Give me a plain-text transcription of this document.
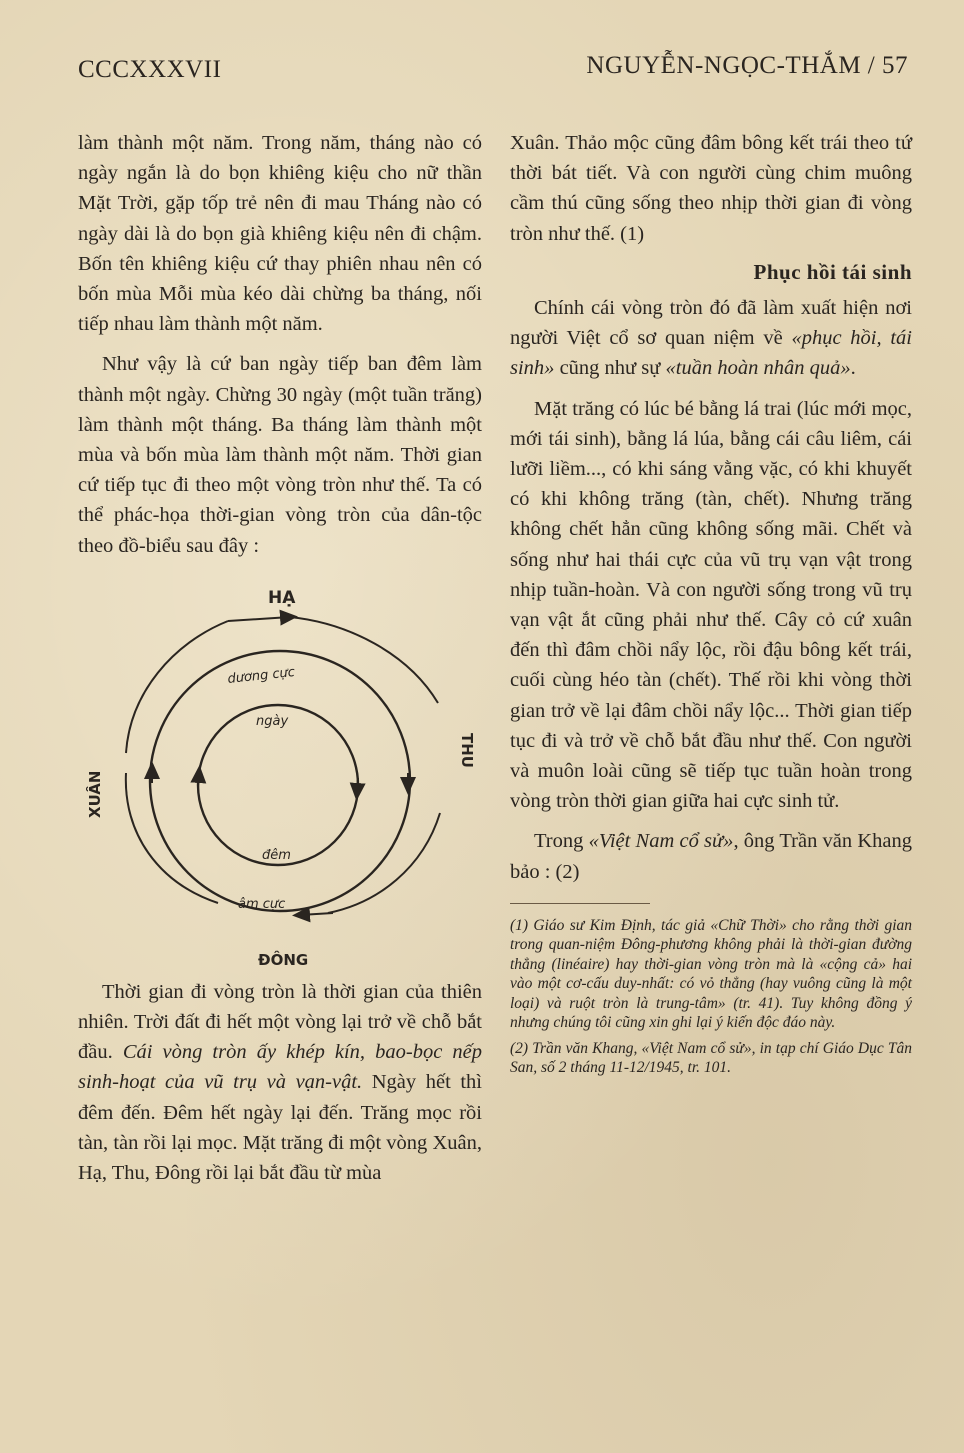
CCCXXXVII	NGUYỄN-NGỌC-THẮM / 57

làm thành một năm. Trong năm, tháng nào có ngày ngắn là do bọn khiêng kiệu cho nữ thần Mặt Trời, gặp tốp trẻ nên đi mau Tháng nào có ngày dài là do bọn già khiêng kiệu nên đi chậm. Bốn tên khiêng kiệu cứ thay phiên nhau nên có bốn mùa Mỗi mùa kéo dài chừng ba tháng, nối tiếp nhau làm thành một năm.

Như vậy là cứ ban ngày tiếp ban đêm làm thành một ngày. Chừng 30 ngày (một tuần trăng) làm thành một tháng. Ba tháng làm thành một mùa và bốn mùa làm thành một năm. Thời gian cứ tiếp tục đi theo một vòng tròn như thế. Ta có thể phác-họa thời-gian vòng tròn của dân-tộc theo đồ-biểu sau đây :

HẠ
ĐÔNG
XUÂN
THU
dương cực
âm cực
ngày
đêm

Thời gian đi vòng tròn là thời gian của thiên nhiên. Trời đất đi hết một vòng lại trở về chỗ bắt đầu. Cái vòng tròn ấy khép kín, bao-bọc nếp sinh-hoạt của vũ trụ và vạn-vật. Ngày hết thì đêm đến. Đêm hết ngày lại đến. Trăng mọc rồi tàn, tàn rồi lại mọc. Mặt trăng đi một vòng Xuân, Hạ, Thu, Đông rồi lại bắt đầu từ mùa

Xuân. Thảo mộc cũng đâm bông kết trái theo tứ thời bát tiết. Và con người cùng chim muông cầm thú cũng sống theo nhịp thời gian đi vòng tròn như thế. (1)

Phục hồi tái sinh

Chính cái vòng tròn đó đã làm xuất hiện nơi người Việt cổ sơ quan niệm về «phục hồi, tái sinh» cũng như sự «tuần hoàn nhân quả».

Mặt trăng có lúc bé bằng lá trai (lúc mới mọc, mới tái sinh), bằng lá lúa, bằng cái câu liêm, cái lưỡi liềm..., có khi sáng vằng vặc, có khi khuyết có khi không trăng (tàn, chết). Nhưng trăng không chết hẳn cũng không sống mãi. Chết và sống như hai thái cực của vũ trụ vạn vật trong nhịp tuần-hoàn. Và con người sống trong vũ trụ vạn vật ắt cũng phải như thế. Cây cỏ cứ xuân đến thì đâm chồi nẩy lộc, rồi đậu bông kết trái, cuối cùng héo tàn (chết). Thế rồi khi vòng thời gian trở về lại đâm chồi nẩy lộc... Thời gian tiếp tục đi và trở về chỗ bắt đầu như thế. Con người và muôn loài cũng sẽ tiếp tục tuần hoàn trong vòng tròn thời gian giữa hai cực sinh tử.

Trong «Việt Nam cổ sử», ông Trần văn Khang bảo : (2)

(1) Giáo sư Kim Định, tác giả «Chữ Thời» cho rằng thời gian trong quan-niệm Đông-phương không phải là thời-gian đường thẳng (linéaire) hay thời-gian vòng tròn mà là «cộng cả» hai vào một cơ-cấu duy-nhất: có vỏ thẳng (hay vuông cũng là một loại) và ruột tròn là trung-tâm» (tr. 41). Tuy không đồng ý nhưng chúng tôi cũng xin ghi lại ý kiến độc đáo này.

(2) Trần văn Khang, «Việt Nam cổ sử», in tạp chí Giáo Dục Tân San, số 2 tháng 11-12/1945, tr. 101.
